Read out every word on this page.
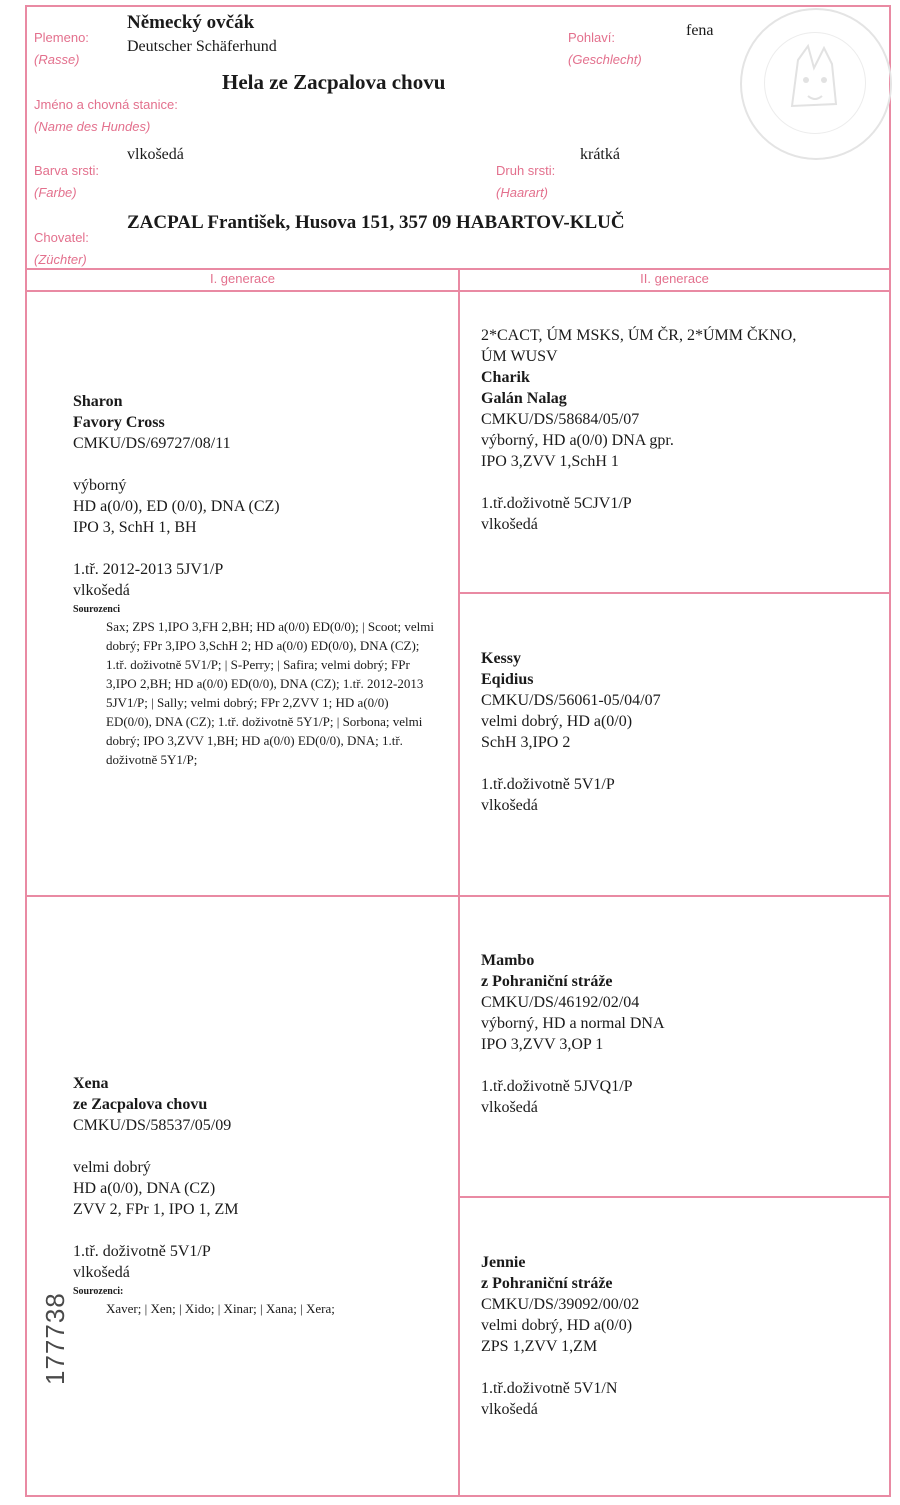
Plemeno:
(Rasse)
Německý ovčák
Deutscher Schäferhund
Pohlaví:
(Geschlecht)
fena
Hela ze Zacpalova chovu
Jméno a chovná stanice:
(Name des Hundes)
Barva srsti:
(Farbe)
vlkošedá
Druh srsti:
(Haarart)
krátká
Chovatel:
(Züchter)
ZACPAL František, Husova 151, 357 09 HABARTOV-KLUČ
I. generace	II. generace
Sharon
Favory Cross
CMKU/DS/69727/08/11
výborný
HD a(0/0), ED (0/0), DNA (CZ)
IPO 3, SchH 1, BH
1.tř. 2012-2013 5JV1/P
vlkošedá
Sourozenci
Sax; ZPS 1,IPO 3,FH 2,BH; HD a(0/0) ED(0/0); | Scoot; velmi dobrý; FPr 3,IPO 3,SchH 2; HD a(0/0) ED(0/0), DNA (CZ); 1.tř. doživotně 5V1/P; | S-Perry; | Safira; velmi dobrý; FPr 3,IPO 2,BH; HD a(0/0) ED(0/0), DNA (CZ); 1.tř. 2012-2013 5JV1/P; | Sally; velmi dobrý; FPr 2,ZVV 1; HD a(0/0) ED(0/0), DNA (CZ); 1.tř. doživotně 5Y1/P; | Sorbona; velmi dobrý; IPO 3,ZVV 1,BH; HD a(0/0) ED(0/0), DNA; 1.tř. doživotně 5Y1/P;
2*CACT, ÚM MSKS, ÚM ČR, 2*ÚMM ČKNO,
ÚM WUSV
Charik
Galán Nalag
CMKU/DS/58684/05/07
výborný, HD a(0/0) DNA gpr.
IPO 3,ZVV 1,SchH 1
1.tř.doživotně 5CJV1/P
vlkošedá
Kessy
Eqidius
CMKU/DS/56061-05/04/07
velmi dobrý, HD a(0/0)
SchH 3,IPO 2
1.tř.doživotně 5V1/P
vlkošedá
Xena
ze Zacpalova chovu
CMKU/DS/58537/05/09
velmi dobrý
HD a(0/0), DNA (CZ)
ZVV 2, FPr 1, IPO 1, ZM
1.tř. doživotně 5V1/P
vlkošedá
Sourozenci:
Xaver; | Xen; | Xido; | Xinar; | Xana; | Xera;
Mambo
z Pohraniční stráže
CMKU/DS/46192/02/04
výborný, HD a normal DNA
IPO 3,ZVV 3,OP 1
1.tř.doživotně 5JVQ1/P
vlkošedá
Jennie
z Pohraniční stráže
CMKU/DS/39092/00/02
velmi dobrý, HD a(0/0)
ZPS 1,ZVV 1,ZM
1.tř.doživotně 5V1/N
vlkošedá
177738
